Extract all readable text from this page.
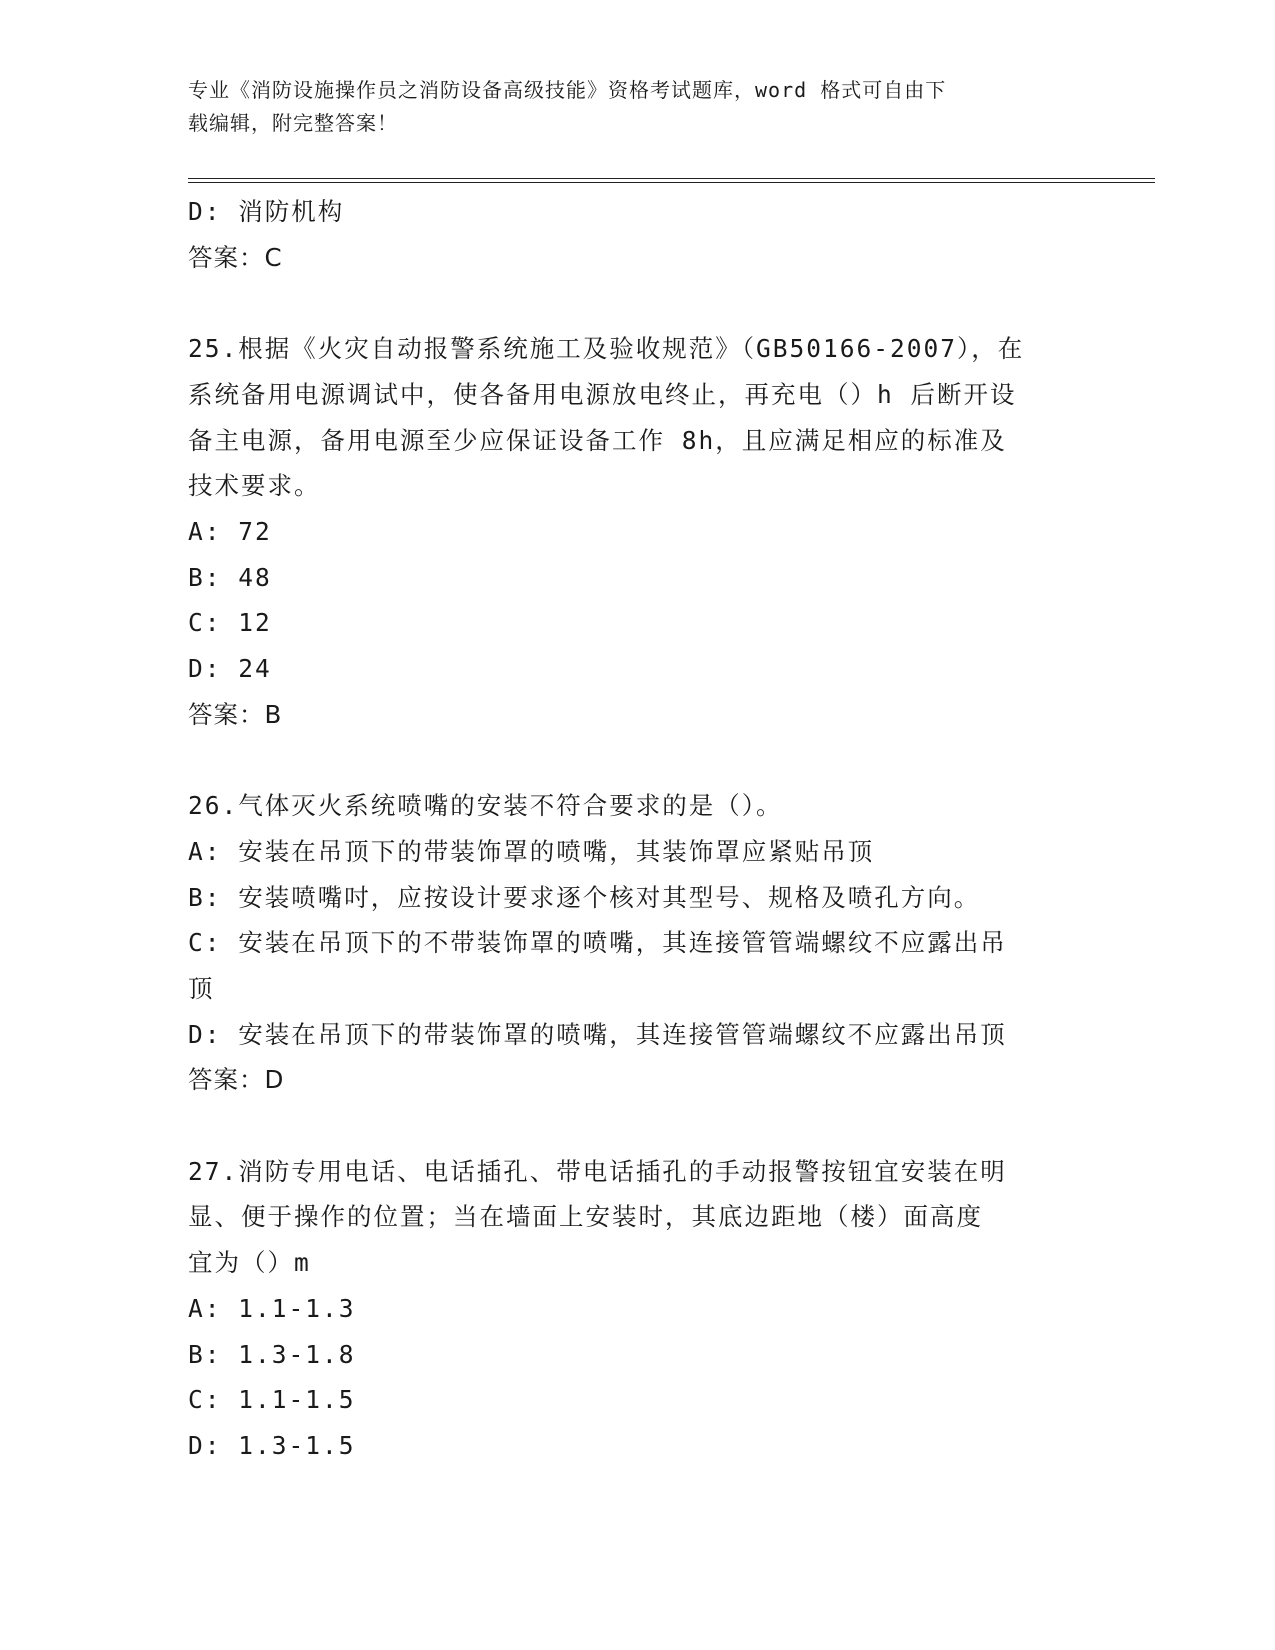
专业《消防设施操作员之消防设备高级技能》资格考试题库，word 格式可自由下
载编辑，附完整答案！
D: 消防机构
答案：C
25.根据《火灾自动报警系统施工及验收规范》（GB50166-2007），在
系统备用电源调试中，使各备用电源放电终止，再充电（）h 后断开设
备主电源，备用电源至少应保证设备工作 8h，且应满足相应的标准及
技术要求。
A: 72
B: 48
C: 12
D: 24
答案：B
26.气体灭火系统喷嘴的安装不符合要求的是（）。
A: 安装在吊顶下的带装饰罩的喷嘴，其装饰罩应紧贴吊顶
B: 安装喷嘴吋，应按设计要求逐个核对其型号、规格及喷孔方向。
C: 安装在吊顶下的不带装饰罩的喷嘴，其连接管管端螺纹不应露出吊
顶
D: 安装在吊顶下的带装饰罩的喷嘴，其连接管管端螺纹不应露出吊顶
答案：D
27.消防专用电话、电话插孔、带电话插孔的手动报警按钮宜安装在明
显、便于操作的位置；当在墙面上安装时，其底边距地（楼）面高度
宜为（）m
A: 1.1-1.3
B: 1.3-1.8
C: 1.1-1.5
D: 1.3-1.5
